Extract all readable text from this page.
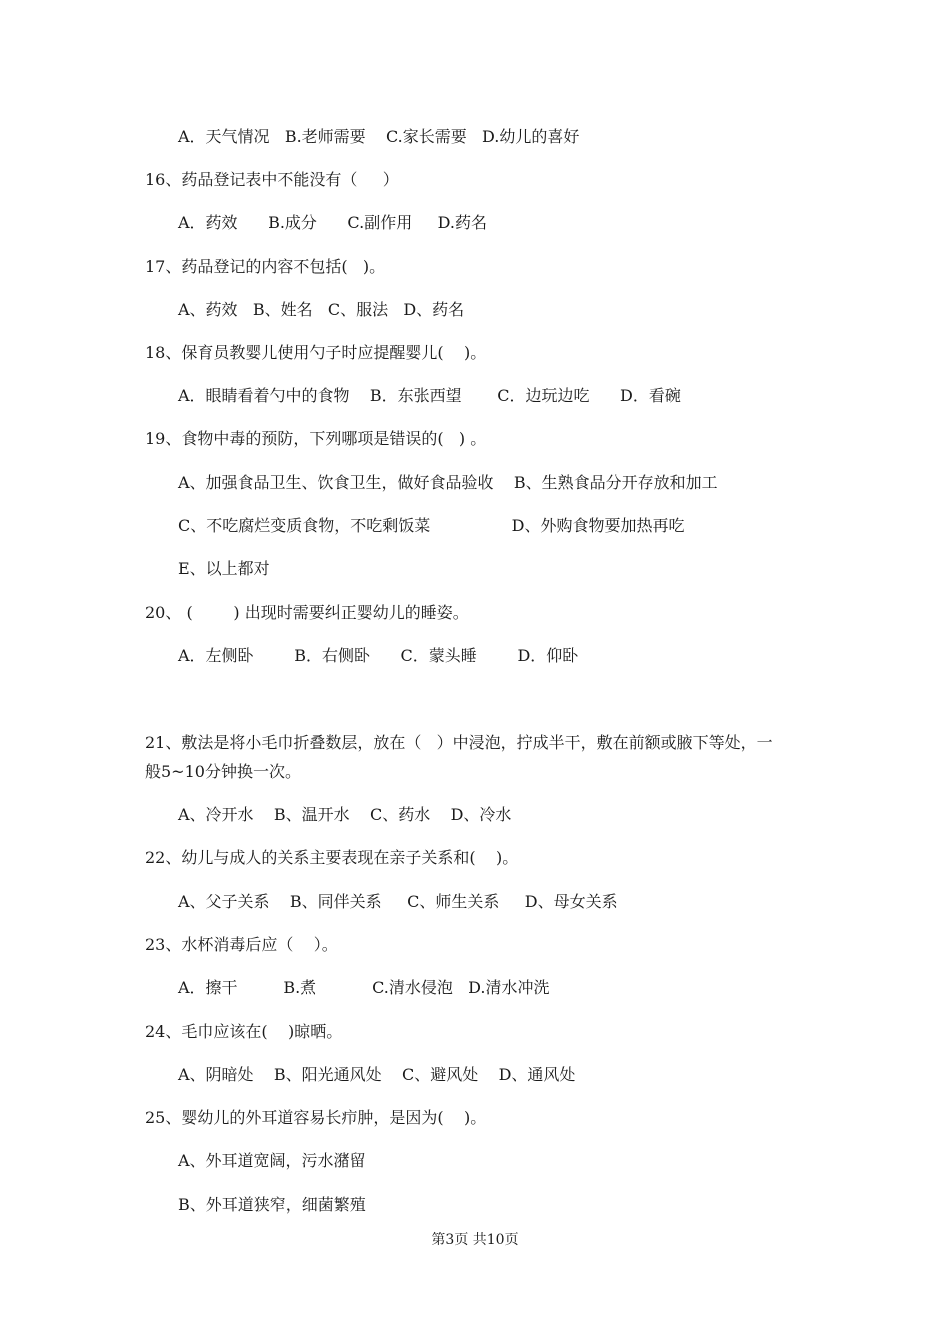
A．天气情况   B.老师需要    C.家长需要   D.幼儿的喜好
16、药品登记表中不能没有（     ）
A．药效      B.成分      C.副作用     D.药名
17、药品登记的内容不包括(   )。
A、药效   B、姓名   C、服法   D、药名
18、保育员教婴儿使用勺子时应提醒婴儿(    )。
A．眼睛看着勺中的食物    B．东张西望       C．边玩边吃      D．看碗
19、食物中毒的预防，下列哪项是错误的(   ) 。
A、加强食品卫生、饮食卫生，做好食品验收    B、生熟食品分开存放和加工
C、不吃腐烂变质食物，不吃剩饭菜                D、外购食物要加热再吃
E、以上都对
20、 (        ) 出现时需要纠正婴幼儿的睡姿。
A．左侧卧        B．右侧卧      C．蒙头睡        D．仰卧
21、敷法是将小毛巾折叠数层，放在（   ）中浸泡，拧成半干，敷在前额或腋下等处，一
般5~10分钟换一次。
A、冷开水    B、温开水    C、药水    D、冷水
22、幼儿与成人的关系主要表现在亲子关系和(    )。
A、父子关系    B、同伴关系     C、师生关系     D、母女关系
23、水杯消毒后应（    ）。
A．擦干         B.煮           C.清水侵泡   D.清水冲洗
24、毛巾应该在(    )晾晒。
A、阴暗处    B、阳光通风处    C、避风处    D、通风处
25、婴幼儿的外耳道容易长疖肿，是因为(    )。
A、外耳道宽阔，污水潴留
B、外耳道狭窄，细菌繁殖
第3页 共10页
